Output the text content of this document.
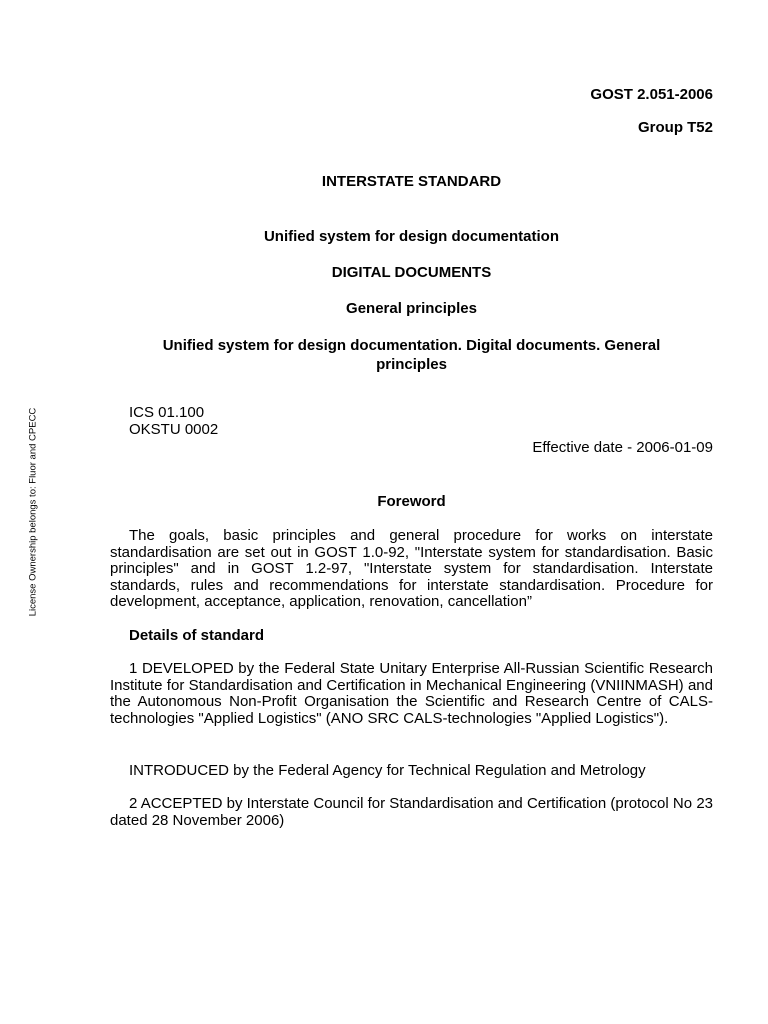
License Ownership belongs to: Fluor and CPECC
GOST 2.051-2006
Group T52
INTERSTATE STANDARD
Unified system for design documentation
DIGITAL DOCUMENTS
General principles
Unified system for design documentation. Digital documents. General
principles
ICS 01.100
OKSTU 0002
Effective date - 2006-01-09
Foreword
The goals, basic principles and general procedure for works on interstate standardisation are set out in GOST 1.0-92, "Interstate system for standardisation. Basic principles" and in GOST 1.2-97, "Interstate system for standardisation. Interstate standards, rules and recommendations for interstate standardisation. Procedure for development, acceptance, application, renovation, cancellation”
Details of standard
1 DEVELOPED by the Federal State Unitary Enterprise All-Russian Scientific Research Institute for Standardisation and Certification in Mechanical Engineering (VNIINMASH) and the Autonomous Non-Profit Organisation the Scientific and Research Centre of CALS-technologies "Applied Logistics" (ANO SRC CALS-technologies "Applied Logistics").
INTRODUCED by the Federal Agency for Technical Regulation and Metrology
2 ACCEPTED by Interstate Council for Standardisation and Certification (protocol No 23 dated 28 November 2006)
